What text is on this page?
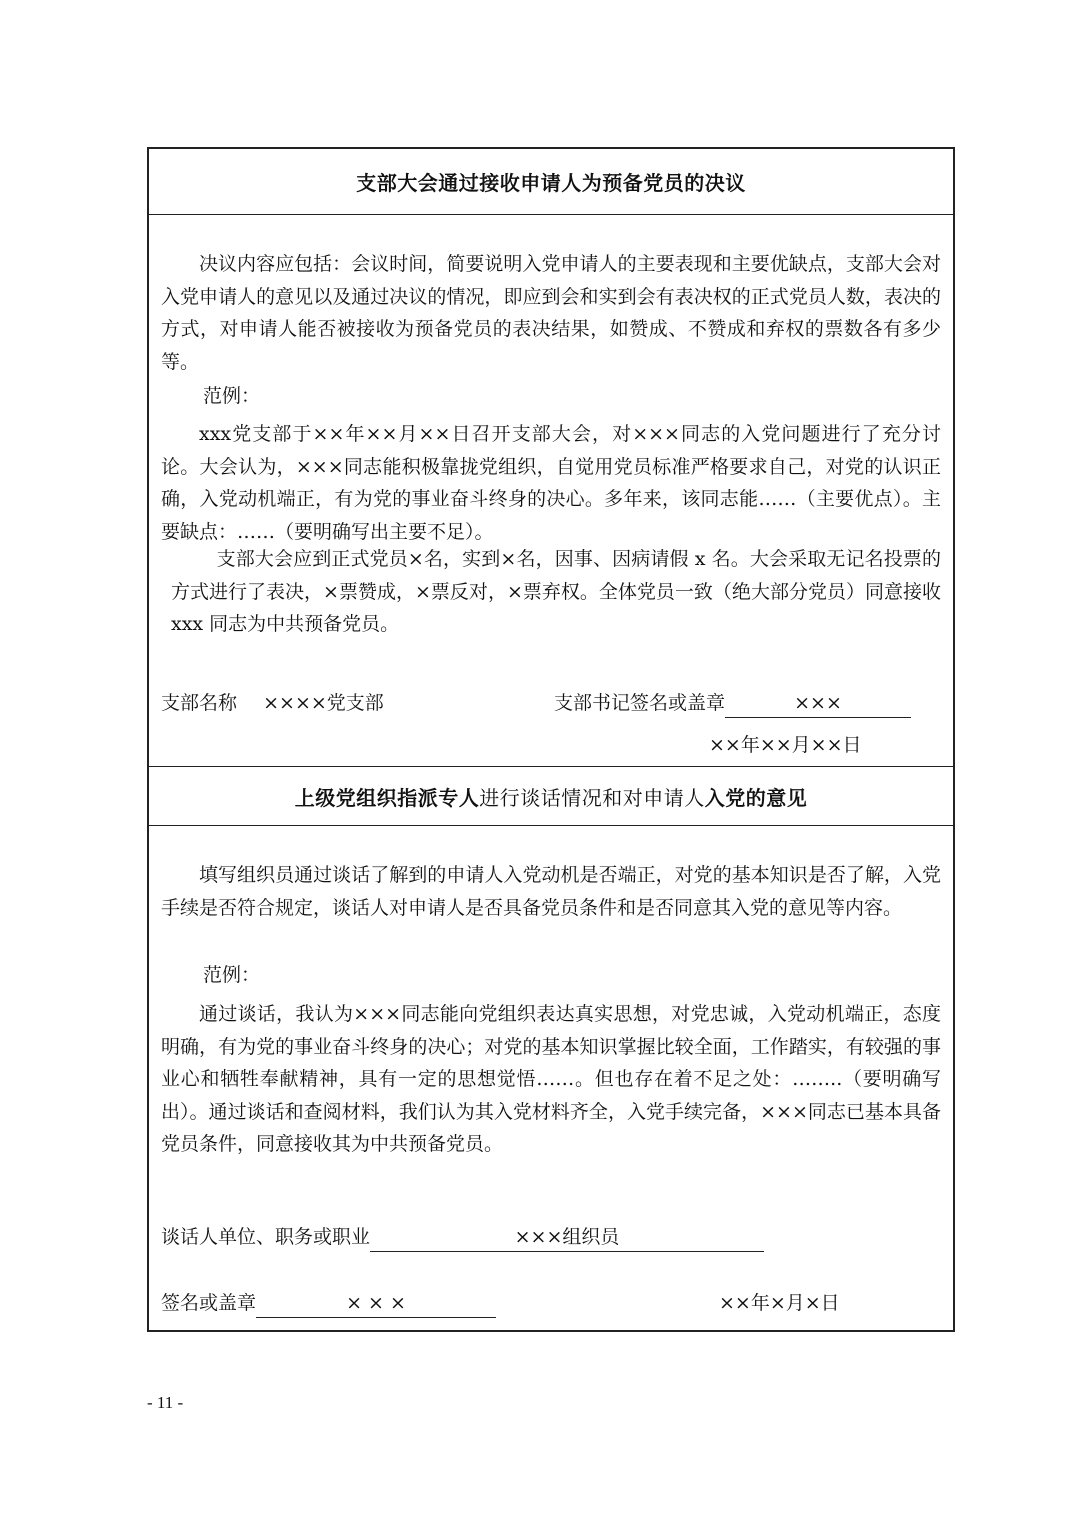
支部大会通过接收申请人为预备党员的决议

决议内容应包括：会议时间，简要说明入党申请人的主要表现和主要优缺点，支部大会对入党申请人的意见以及通过决议的情况，即应到会和实到会有表决权的正式党员人数，表决的方式，对申请人能否被接收为预备党员的表决结果，如赞成、不赞成和弃权的票数各有多少等。

范例：

xxx党支部于××年××月××日召开支部大会，对×××同志的入党问题进行了充分讨论。大会认为，×××同志能积极靠拢党组织，自觉用党员标准严格要求自己，对党的认识正确，入党动机端正，有为党的事业奋斗终身的决心。多年来，该同志能……（主要优点）。主要缺点：……（要明确写出主要不足）。

支部大会应到正式党员×名，实到×名，因事、因病请假 x 名。大会采取无记名投票的方式进行了表决，×票赞成，×票反对，×票弃权。全体党员一致（绝大部分党员）同意接收 xxx 同志为中共预备党员。

支部名称 ××××党支部	支部书记签名或盖章	×××
××年××月××日
上级党组织指派专人 进行谈话情况和对申请人 入党的意见

填写组织员通过谈话了解到的申请人入党动机是否端正，对党的基本知识是否了解，入党手续是否符合规定，谈话人对申请人是否具备党员条件和是否同意其入党的意见等内容。

范例：

通过谈话，我认为×××同志能向党组织表达真实思想，对党忠诚，入党动机端正，态度明确，有为党的事业奋斗终身的决心；对党的基本知识掌握比较全面，工作踏实，有较强的事业心和牺牲奉献精神，具有一定的思想觉悟……。但也存在着不足之处：……..（要明确写出）。通过谈话和查阅材料，我们认为其入党材料齐全，入党手续完备，×××同志已基本具备党员条件，同意接收其为中共预备党员。

谈话人单位、职务或职业	×××组织员
签名或盖章	× × ×	××年×月×日
- 11 -
